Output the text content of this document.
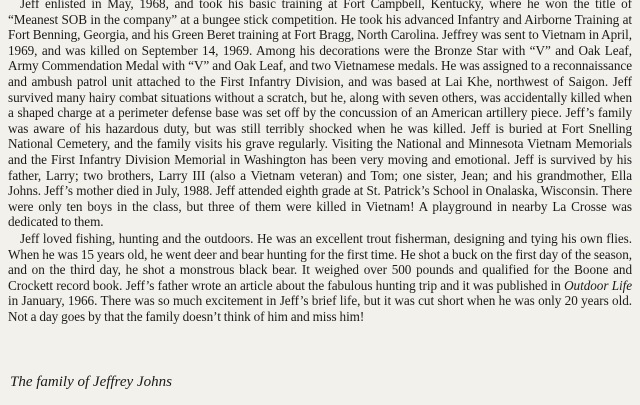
Jeff enlisted in May, 1968, and took his basic training at Fort Campbell, Kentucky, where he won the title of “Meanest SOB in the company” at a bungee stick competition. He took his advanced Infantry and Airborne Training at Fort Benning, Georgia, and his Green Beret training at Fort Bragg, North Carolina. Jeffrey was sent to Vietnam in April, 1969, and was killed on September 14, 1969. Among his decorations were the Bronze Star with “V” and Oak Leaf, Army Commendation Medal with “V” and Oak Leaf, and two Vietnamese medals. He was assigned to a reconnaissance and ambush patrol unit attached to the First Infantry Division, and was based at Lai Khe, northwest of Saigon. Jeff survived many hairy combat situations without a scratch, but he, along with seven others, was accidentally killed when a shaped charge at a perimeter defense base was set off by the concussion of an American artillery piece. Jeff’s family was aware of his hazardous duty, but was still terribly shocked when he was killed. Jeff is buried at Fort Snelling National Cemetery, and the family visits his grave regularly. Visiting the National and Minnesota Vietnam Memorials and the First Infantry Division Memorial in Washington has been very moving and emotional. Jeff is survived by his father, Larry; two brothers, Larry III (also a Vietnam veteran) and Tom; one sister, Jean; and his grandmother, Ella Johns. Jeff’s mother died in July, 1988. Jeff attended eighth grade at St. Patrick’s School in Onalaska, Wisconsin. There were only ten boys in the class, but three of them were killed in Vietnam! A playground in nearby La Crosse was dedicated to them.

Jeff loved fishing, hunting and the outdoors. He was an excellent trout fisherman, designing and tying his own flies. When he was 15 years old, he went deer and bear hunting for the first time. He shot a buck on the first day of the season, and on the third day, he shot a monstrous black bear. It weighed over 500 pounds and qualified for the Boone and Crockett record book. Jeff’s father wrote an article about the fabulous hunting trip and it was published in Outdoor Life in January, 1966. There was so much excitement in Jeff’s brief life, but it was cut short when he was only 20 years old. Not a day goes by that the family doesn’t think of him and miss him!

The family of Jeffrey Johns
